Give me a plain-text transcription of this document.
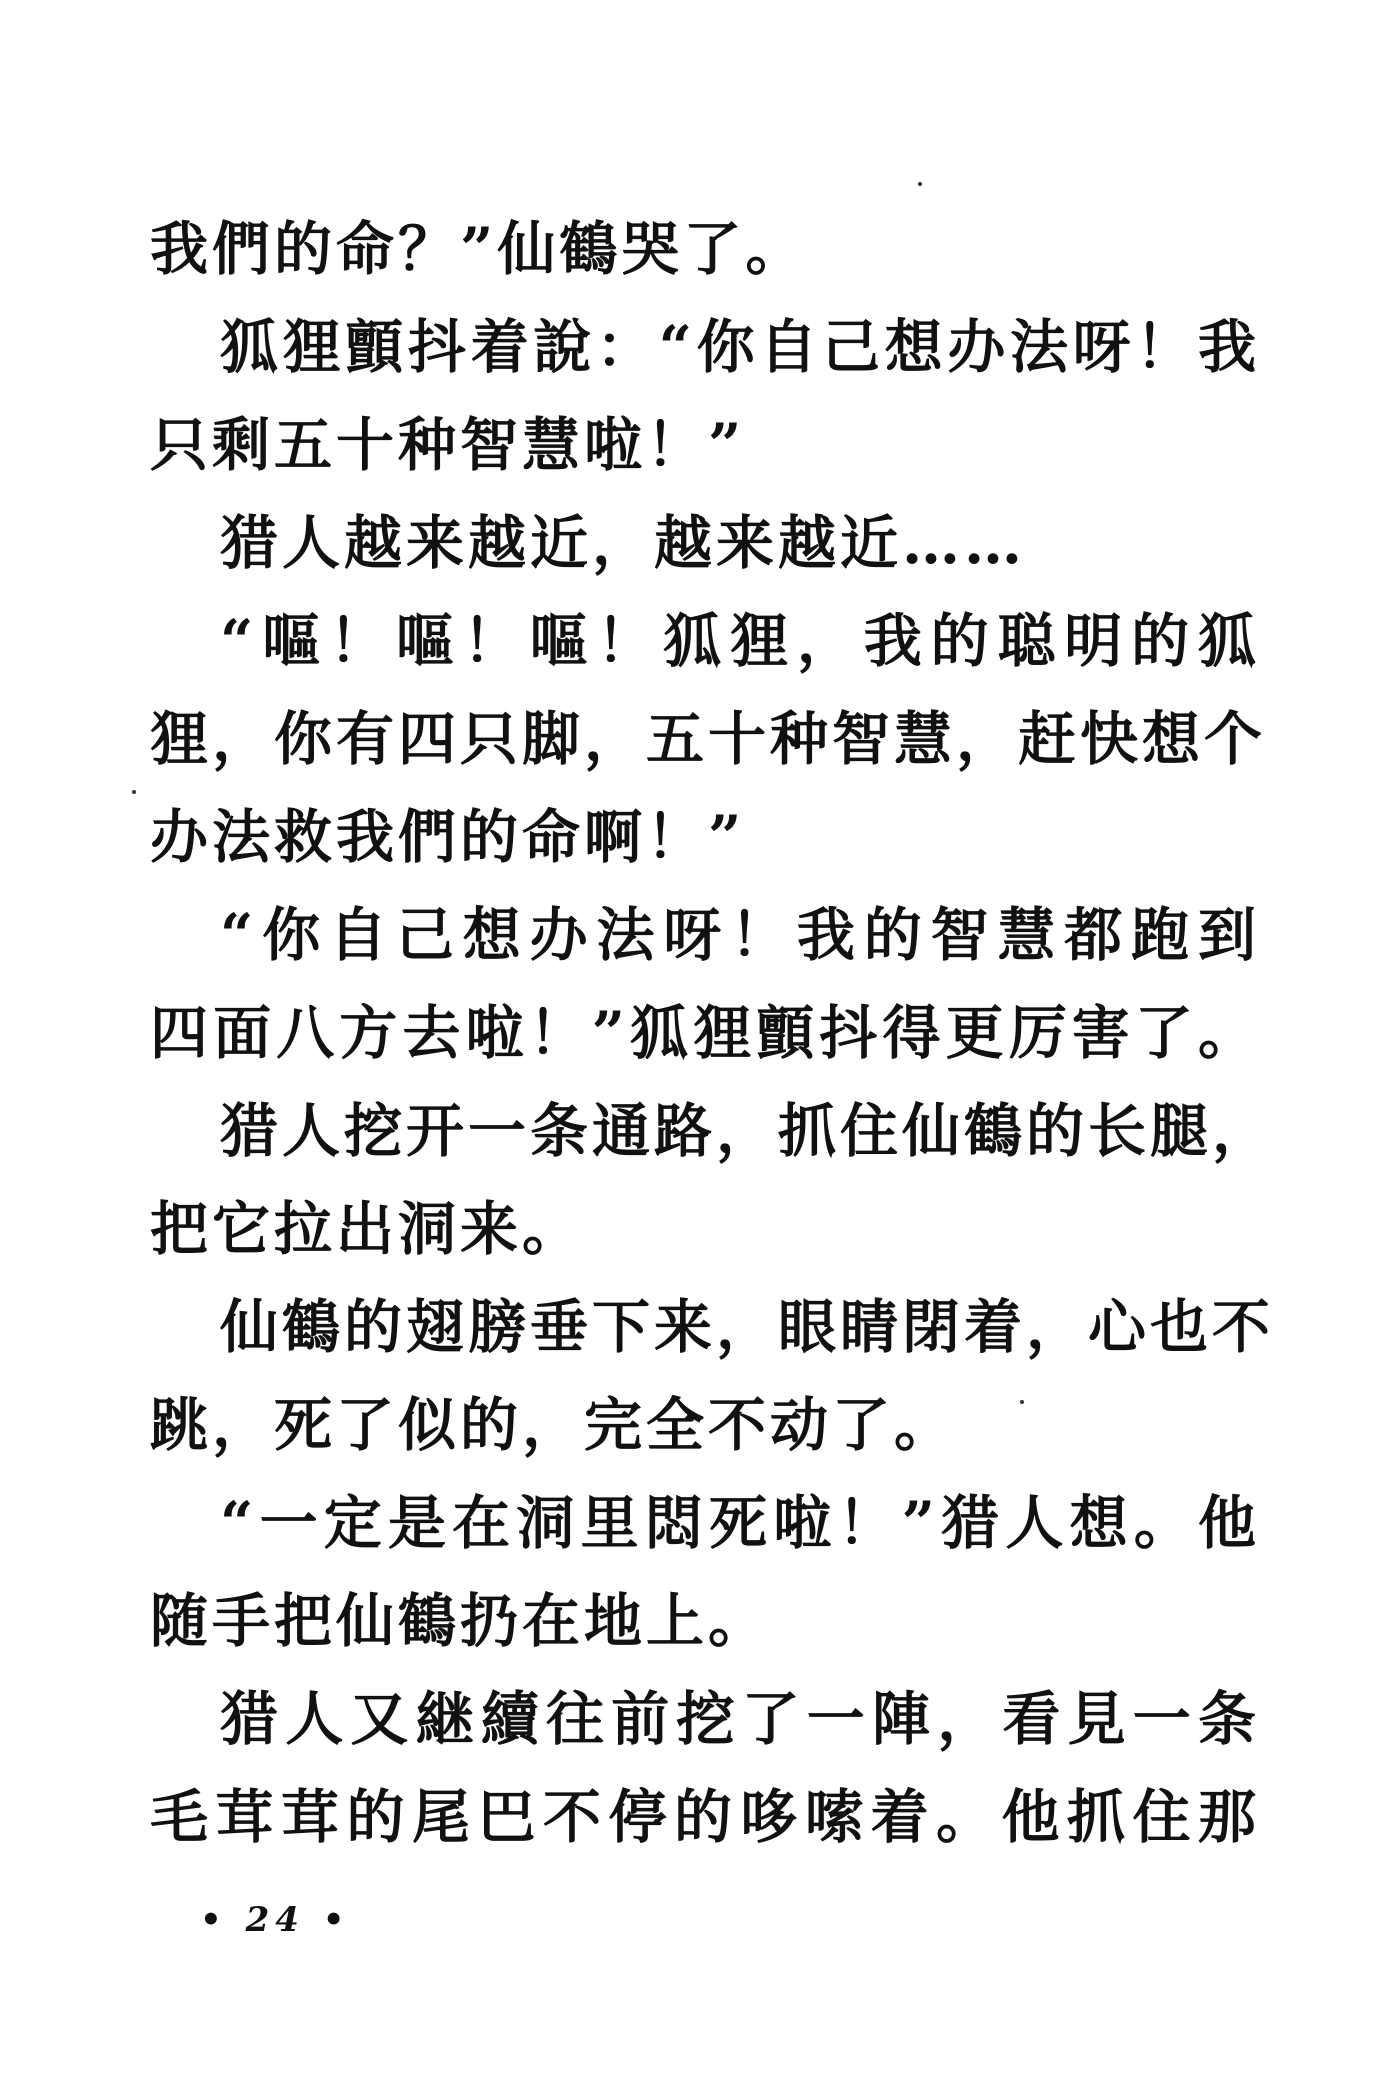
我們的命？”仙鶴哭了。
狐狸顫抖着說：“你自己想办法呀！我
只剩五十种智慧啦！”
猎人越来越近，越来越近……
“嘔！嘔！嘔！狐狸，我的聪明的狐
狸，你有四只脚，五十种智慧，赶快想个
办法救我們的命啊！”
“你自己想办法呀！我的智慧都跑到
四面八方去啦！”狐狸顫抖得更厉害了。
猎人挖开一条通路，抓住仙鶴的长腿，
把它拉出洞来。
仙鶴的翅膀垂下来，眼睛閉着，心也不
跳，死了似的，完全不动了。
“一定是在洞里悶死啦！”猎人想。他
随手把仙鶴扔在地上。
猎人又継續往前挖了一陣，看見一条
毛茸茸的尾巴不停的哆嗦着。他抓住那
• 24 •
